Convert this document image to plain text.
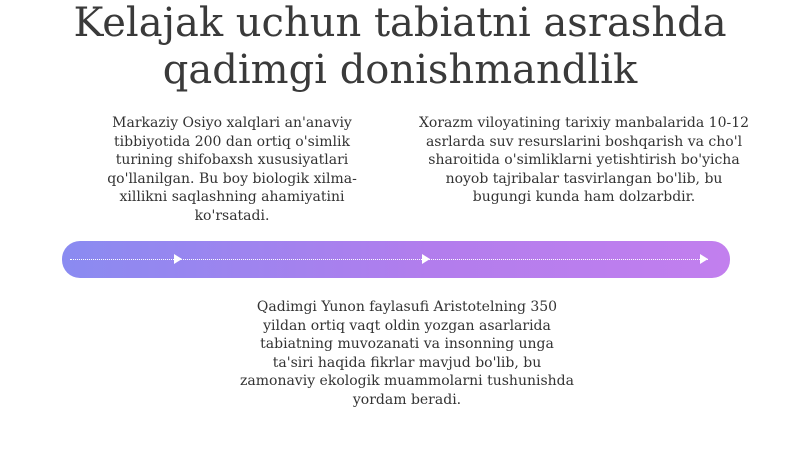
Kelajak uchun tabiatni asrashda
qadimgi donishmandlik
Markaziy Osiyo xalqlari an'anaviy tibbiyotida 200 dan ortiq o'simlik turining shifobaxsh xususiyatlari qo'llanilgan. Bu boy biologik xilma-xillikni saqlashning ahamiyatini ko'rsatadi.
Xorazm viloyatining tarixiy manbalarida 10-12 asrlarda suv resurslarini boshqarish va cho'l sharoitida o'simliklarni yetishtirish bo'yicha noyob tajribalar tasvirlangan bo'lib, bu bugungi kunda ham dolzarbdir.
Qadimgi Yunon faylasufi Aristotelning 350 yildan ortiq vaqt oldin yozgan asarlarida tabiatning muvozanati va insonning unga ta'siri haqida fikrlar mavjud bo'lib, bu zamonaviy ekologik muammolarni tushunishda yordam beradi.
